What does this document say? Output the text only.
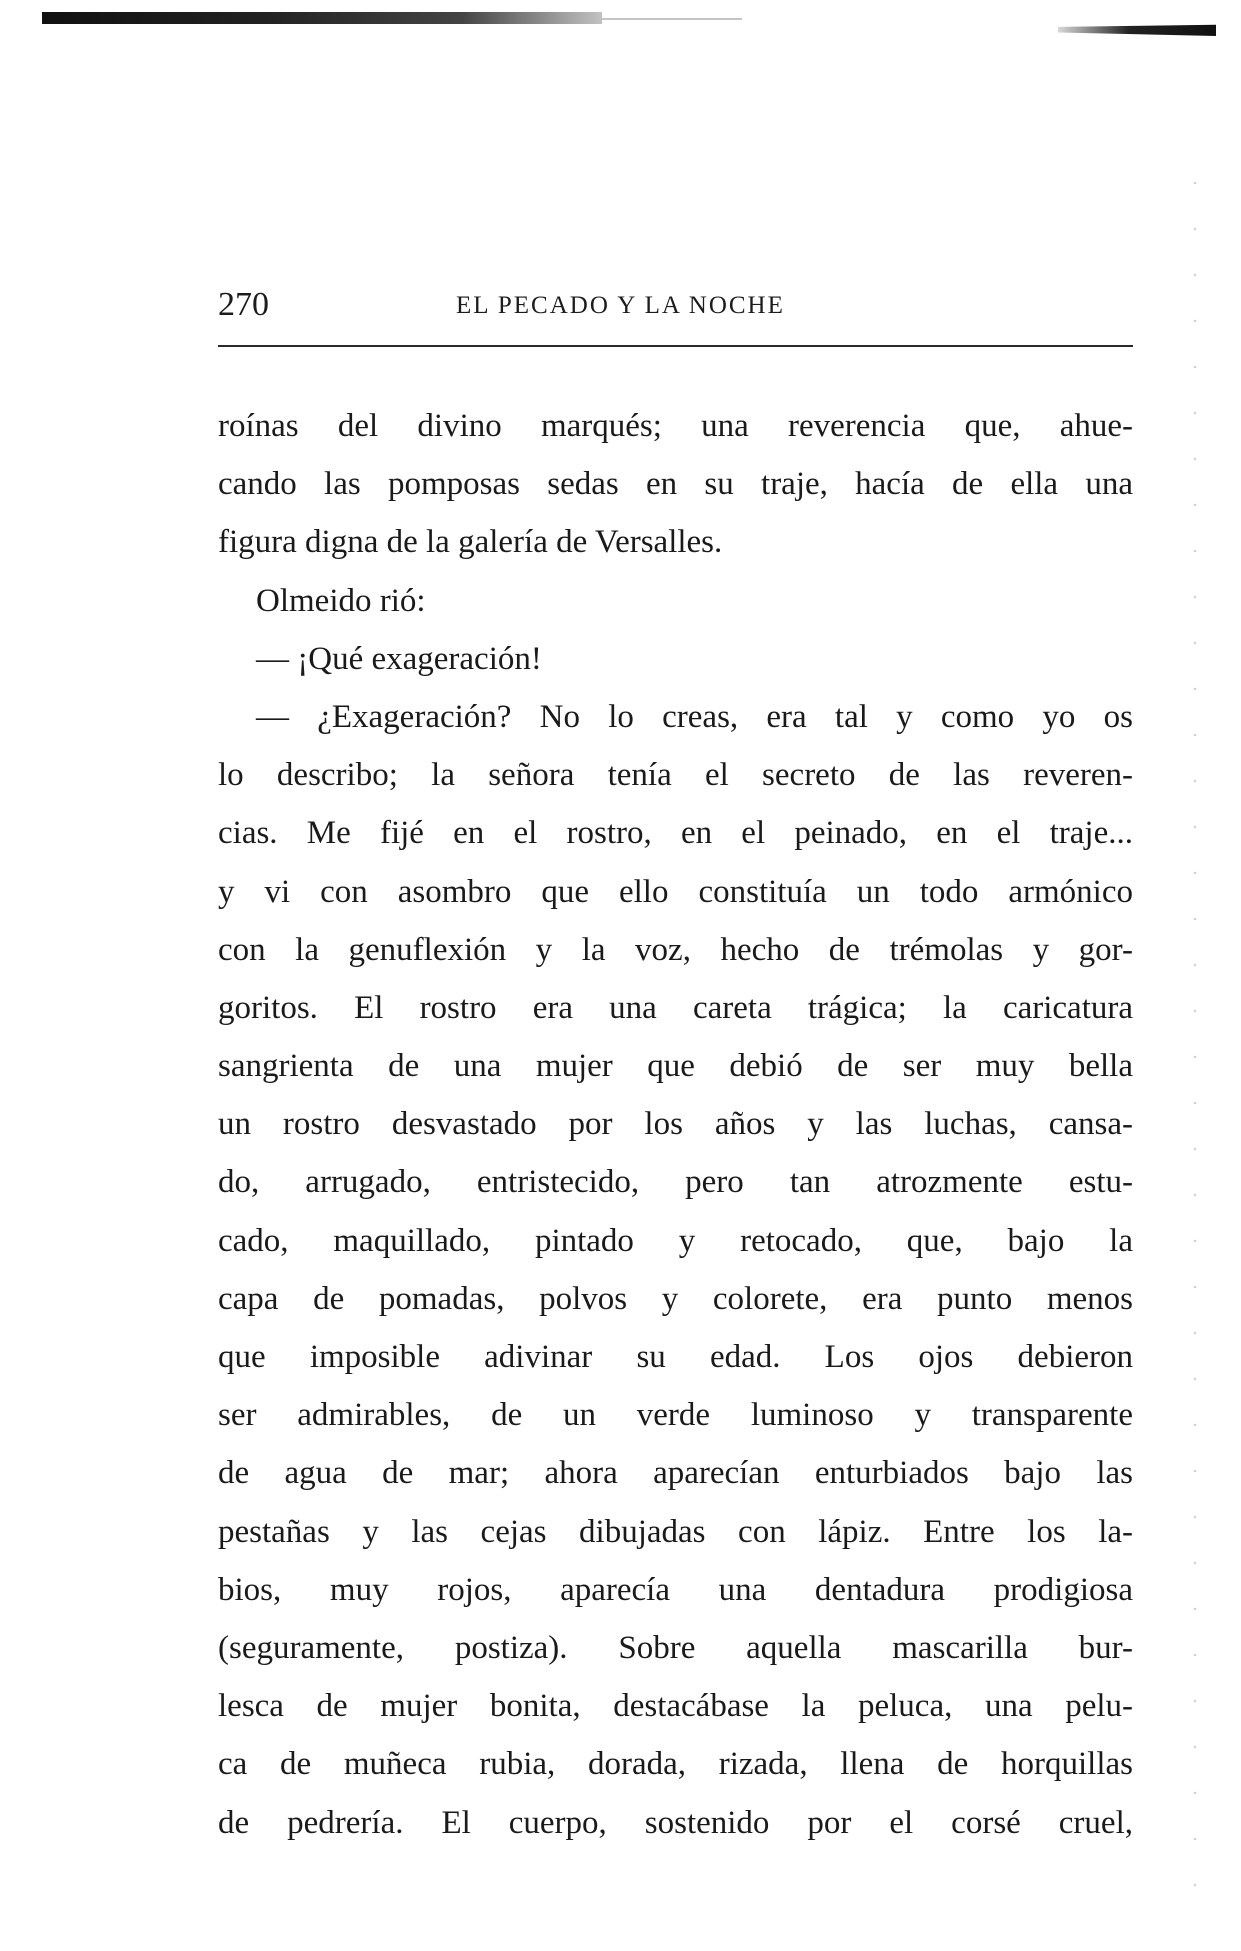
270	EL PECADO Y LA NOCHE
roínas del divino marqués; una reverencia que, ahue-
cando las pomposas sedas en su traje, hacía de ella una
figura digna de la galería de Versalles.
Olmeido rió:
— ¡Qué exageración!
— ¿Exageración? No lo creas, era tal y como yo os
lo describo; la señora tenía el secreto de las reveren-
cias. Me fijé en el rostro, en el peinado, en el traje...
y vi con asombro que ello constituía un todo armónico
con la genuflexión y la voz, hecho de trémolas y gor-
goritos. El rostro era una careta trágica; la caricatura
sangrienta de una mujer que debió de ser muy bella
un rostro desvastado por los años y las luchas, cansa-
do, arrugado, entristecido, pero tan atrozmente estu-
cado, maquillado, pintado y retocado, que, bajo la
capa de pomadas, polvos y colorete, era punto menos
que imposible adivinar su edad. Los ojos debieron
ser admirables, de un verde luminoso y transparente
de agua de mar; ahora aparecían enturbiados bajo las
pestañas y las cejas dibujadas con lápiz. Entre los la-
bios, muy rojos, aparecía una dentadura prodigiosa
(seguramente, postiza). Sobre aquella mascarilla bur-
lesca de mujer bonita, destacábase la peluca, una pelu-
ca de muñeca rubia, dorada, rizada, llena de horquillas
de pedrería. El cuerpo, sostenido por el corsé cruel,
